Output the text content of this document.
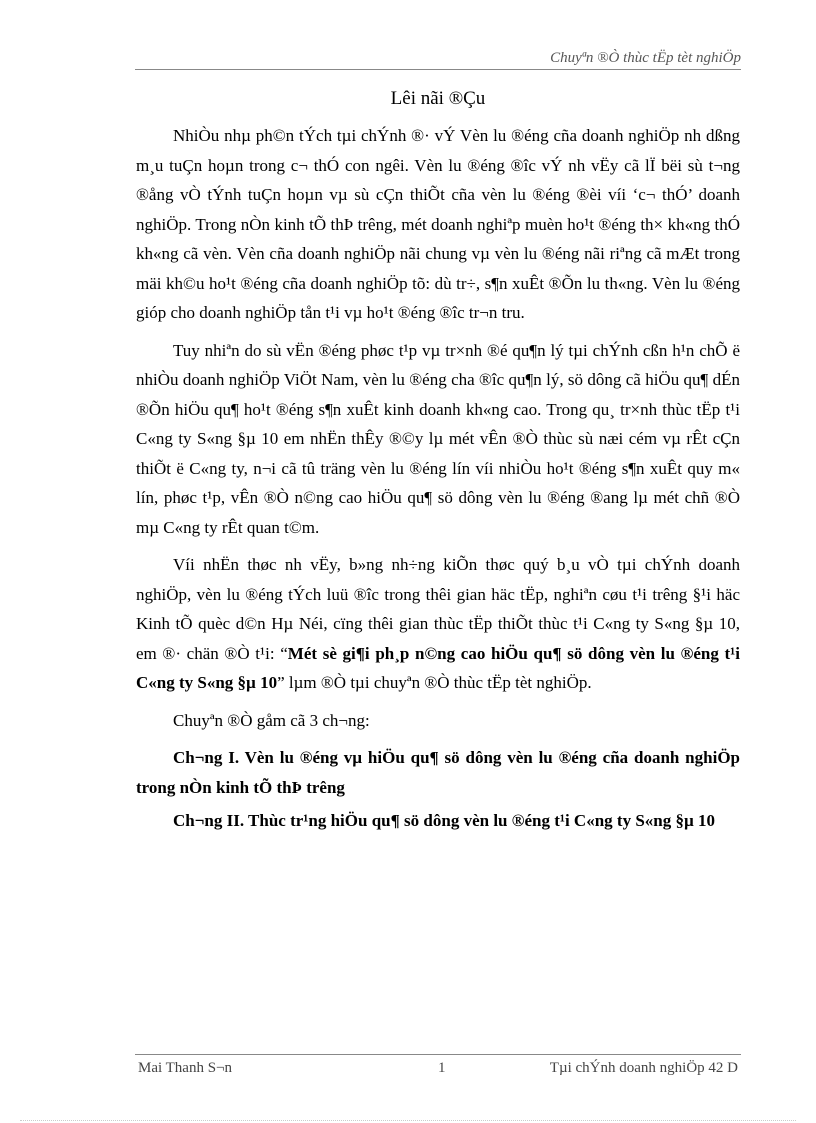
Chuyªn ®Ò thùc tËp tèt nghiÖp
Lêi nãi ®Çu

NhiÒu nhµ ph©n tÝch tµi chÝnh ®· vÝ Vèn lu ®éng cña doanh nghiÖp nh dßng m¸u tuÇn hoµn trong c¬ thÓ con ngêi. Vèn lu ®éng ®îc vÝ nh vËy cã lÏ bëi sù t¬ng ®ång vÒ tÝnh tuÇn hoµn vµ sù cÇn thiÕt cña vèn lu ®éng ®èi víi ‘c¬ thÓ’ doanh nghiÖp. Trong nÒn kinh tÕ thÞ trêng, mét doanh nghiªp muèn ho¹t ®éng th× kh«ng thÓ kh«ng cã vèn. Vèn cña doanh nghiÖp nãi chung vµ vèn lu ®éng nãi riªng cã mÆt trong mäi kh©u ho¹t ®éng cña doanh nghiÖp tõ: dù tr÷, s¶n xuÊt ®Õn lu th«ng. Vèn lu ®éng gióp cho doanh nghiÖp tån t¹i vµ ho¹t ®éng ®îc tr¬n tru.

Tuy nhiªn do sù vËn ®éng phøc t¹p vµ tr×nh ®é qu¶n lý tµi chÝnh cßn h¹n chÕ ë nhiÒu doanh nghiÖp ViÖt Nam, vèn lu ®éng cha ®îc qu¶n lý, sö dông cã hiÖu qu¶ dÉn ®Õn hiÖu qu¶ ho¹t ®éng s¶n xuÊt kinh doanh kh«ng cao. Trong qu¸ tr×nh thùc tËp t¹i C«ng ty S«ng §µ 10 em nhËn thÊy ®©y lµ mét vÊn ®Ò thùc sù næi cém vµ rÊt cÇn thiÕt ë C«ng ty, n¬i cã tû träng vèn lu ®éng lín víi nhiÒu ho¹t ®éng s¶n xuÊt quy m« lín, phøc t¹p, vÊn ®Ò n©ng cao hiÖu qu¶ sö dông vèn lu ®éng ®ang lµ mét chñ ®Ò mµ C«ng ty rÊt quan t©m.

Víi nhËn thøc nh vËy, b»ng nh÷ng kiÕn thøc quý b¸u vÒ tµi chÝnh doanh nghiÖp, vèn lu ®éng tÝch luü ®îc trong thêi gian häc tËp, nghiªn cøu t¹i trêng §¹i häc Kinh tÕ quèc d©n Hµ Néi, cïng thêi gian thùc tËp thiÕt thùc t¹i C«ng ty S«ng §µ 10, em ®· chän ®Ò t¹i: “Mét sè gi¶i ph¸p n©ng cao hiÖu qu¶ sö dông vèn lu ®éng t¹i C«ng ty S«ng §µ 10” lµm ®Ò tµi chuyªn ®Ò thùc tËp tèt nghiÖp.

Chuyªn ®Ò gåm cã 3 ch¬ng:

Ch¬ng I. Vèn lu ®éng vµ hiÖu qu¶ sö dông vèn lu ®éng cña doanh nghiÖp trong nÒn kinh tÕ thÞ trêng

Ch¬ng II. Thùc tr¹ng hiÖu qu¶ sö dông vèn lu ®éng t¹i C«ng ty S«ng §µ 10

Mai Thanh S¬n	1	Tµi chÝnh doanh nghiÖp 42 D
